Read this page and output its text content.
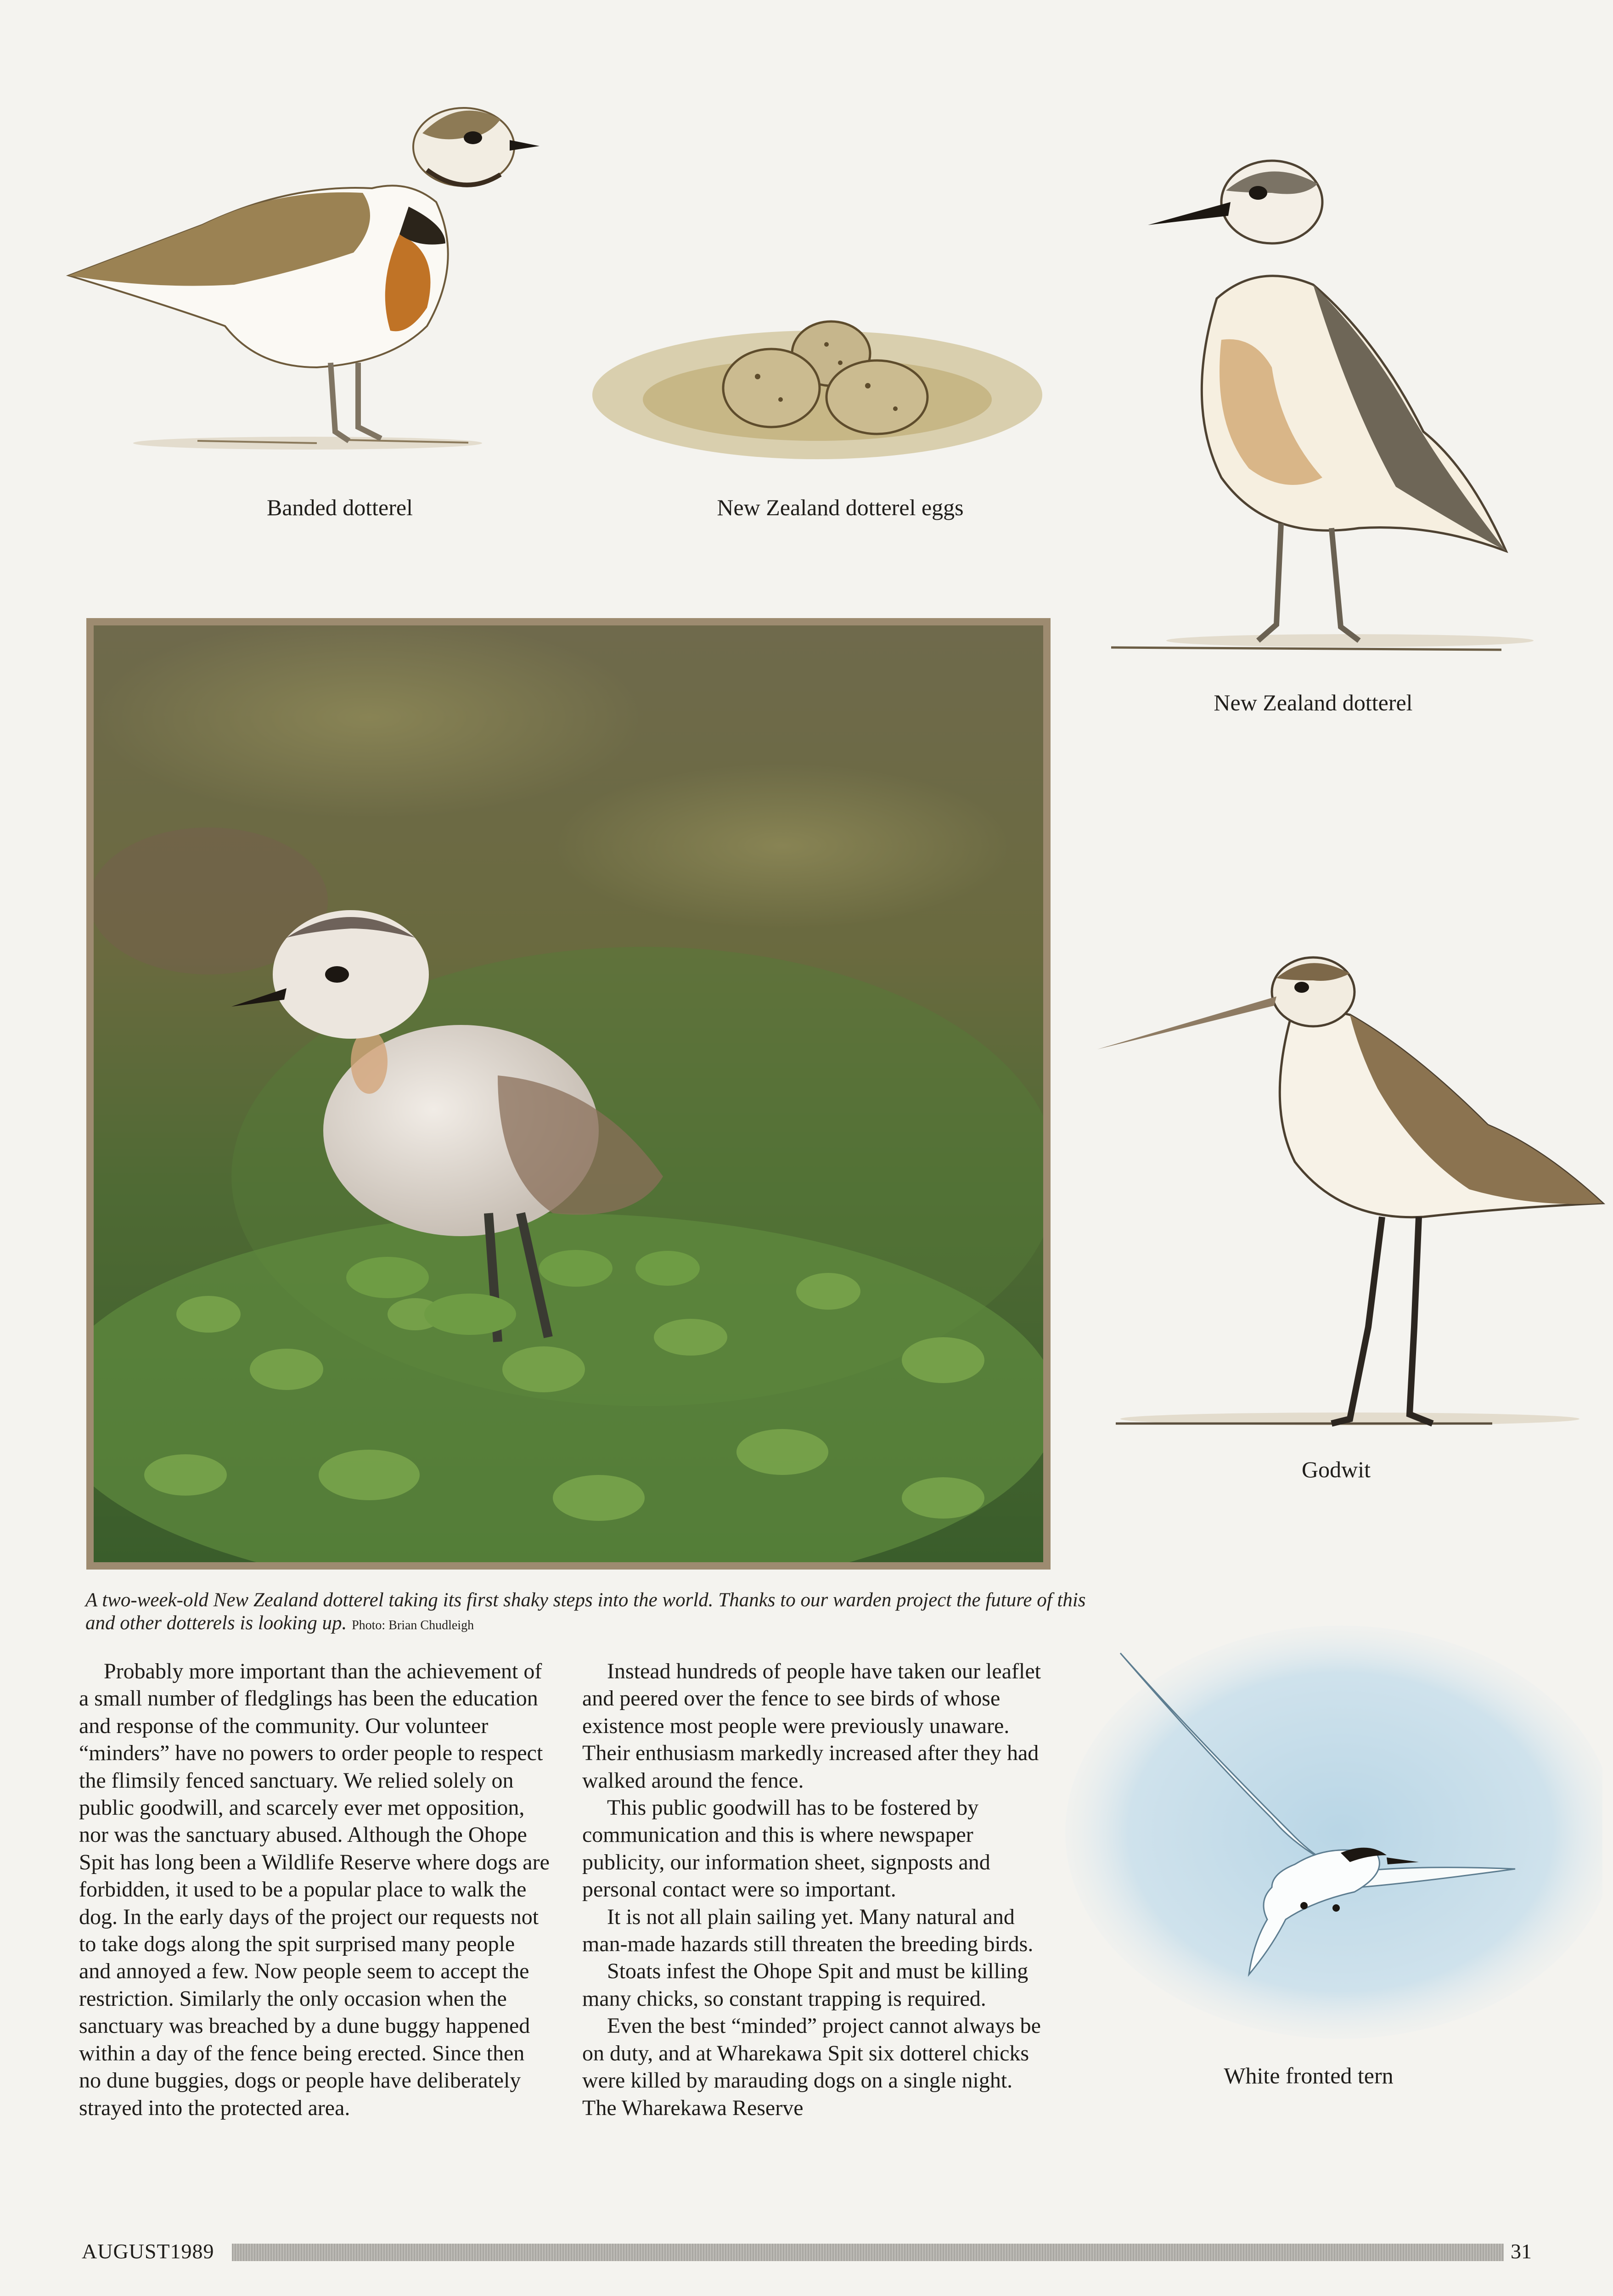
Banded dotterel	New Zealand dotterel eggs
New Zealand dotterel
A two-week-old New Zealand dotterel taking its first shaky steps into the world. Thanks to our warden project the future of this and other dotterels is looking up. Photo: Brian Chudleigh
Godwit
White fronted tern

Probably more important than the achievement of a small number of fledglings has been the education and response of the community. Our volunteer “minders” have no powers to order people to respect the flimsily fenced sanctuary. We relied solely on public goodwill, and scarcely ever met opposition, nor was the sanctuary abused. Although the Ohope Spit has long been a Wildlife Reserve where dogs are forbidden, it used to be a popular place to walk the dog. In the early days of the project our requests not to take dogs along the spit surprised many people and annoyed a few. Now people seem to accept the restriction. Similarly the only occasion when the sanctuary was breached by a dune buggy happened within a day of the fence being erected. Since then no dune buggies, dogs or people have deliberately strayed into the protected area.

Instead hundreds of people have taken our leaflet and peered over the fence to see birds of whose existence most people were previously unaware. Their enthusiasm markedly increased after they had walked around the fence.

This public goodwill has to be fostered by communication and this is where newspaper publicity, our information sheet, signposts and personal contact were so important.

It is not all plain sailing yet. Many natural and man-made hazards still threaten the breeding birds.

Stoats infest the Ohope Spit and must be killing many chicks, so constant trapping is required.

Even the best “minded” project cannot always be on duty, and at Wharekawa Spit six dotterel chicks were killed by marauding dogs on a single night. The Wharekawa Reserve

AUGUST1989	31
